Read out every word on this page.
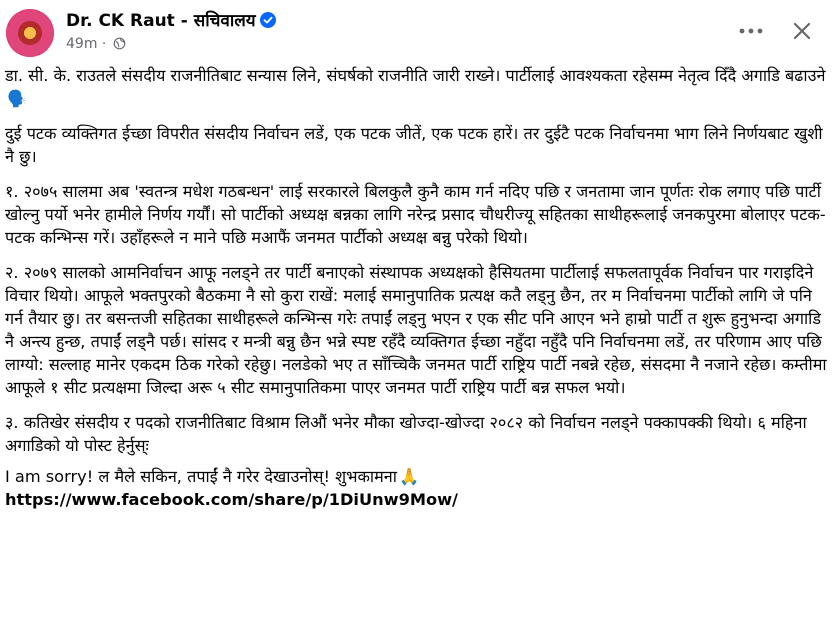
Dr. CK Raut - सचिवालय
49m ·

डा. सी. के. राउतले संसदीय राजनीतिबाट सन्यास लिने, संघर्षको राजनीति जारी राख्ने। पार्टीलाई आवश्यकता रहेसम्म नेतृत्व दिँदै अगाडि बढाउने🗣️

दुई पटक व्यक्तिगत ईच्छा विपरीत संसदीय निर्वाचन लडें, एक पटक जीतें, एक पटक हारें। तर दुईटै पटक निर्वाचनमा भाग लिने निर्णयबाट खुशी नै छु।

१. २०७५ सालमा अब 'स्वतन्त्र मधेश गठबन्धन' लाई सरकारले बिलकुलै कुनै काम गर्न नदिए पछि र जनतामा जान पूर्णतः रोक लगाए पछि पार्टी खोल्नु पर्यो भनेर हामीले निर्णय गर्यौं। सो पार्टीको अध्यक्ष बन्नका लागि नरेन्द्र प्रसाद चौधरीज्यू सहितका साथीहरूलाई जनकपुरमा बोलाएर पटक-पटक कन्भिन्स गरें। उहाँहरूले न माने पछि मआफैं जनमत पार्टीको अध्यक्ष बन्नु परेको थियो।

२. २०७९ सालको आमनिर्वाचन आफू नलड्ने तर पार्टी बनाएको संस्थापक अध्यक्षको हैसियतमा पार्टीलाई सफलतापूर्वक निर्वाचन पार गराइदिने विचार थियो। आफूले भक्तपुरको बैठकमा नै सो कुरा राखें: मलाई समानुपातिक प्रत्यक्ष कतै लड्नु छैन, तर म निर्वाचनमा पार्टीको लागि जे पनि गर्न तैयार छु। तर बसन्तजी सहितका साथीहरूले कन्भिन्स गरेः तपाईं लड्नु भएन र एक सीट पनि आएन भने हाम्रो पार्टी त शुरू हुनुभन्दा अगाडि नै अन्त्य हुन्छ, तपाईं लड्नै पर्छ। सांसद र मन्त्री बन्नु छैन भन्ने स्पष्ट रहँदै व्यक्तिगत ईच्छा नहुँदा नहुँदै पनि निर्वाचनमा लडें, तर परिणाम आए पछि लाग्यो: सल्लाह मानेर एकदम ठिक गरेको रहेछु। नलडेको भए त साँच्चिकै जनमत पार्टी राष्ट्रिय पार्टी नबन्ने रहेछ, संसदमा नै नजाने रहेछ। कम्तीमा आफूले १ सीट प्रत्यक्षमा जिल्दा अरू ५ सीट समानुपातिकमा पाएर जनमत पार्टी राष्ट्रिय पार्टी बन्न सफल भयो।

३. कतिखेर संसदीय र पदको राजनीतिबाट विश्राम लिऔं भनेर मौका खोज्दा-खोज्दा २०८२ को निर्वाचन नलड्ने पक्कापक्की थियो। ६ महिना अगाडिको यो पोस्ट हेर्नुस्ः

I am sorry! ल मैले सकिन, तपाईं नै गरेर देखाउनोस्! शुभकामना 🙏

https://www.facebook.com/share/p/1DiUnw9Mow/
